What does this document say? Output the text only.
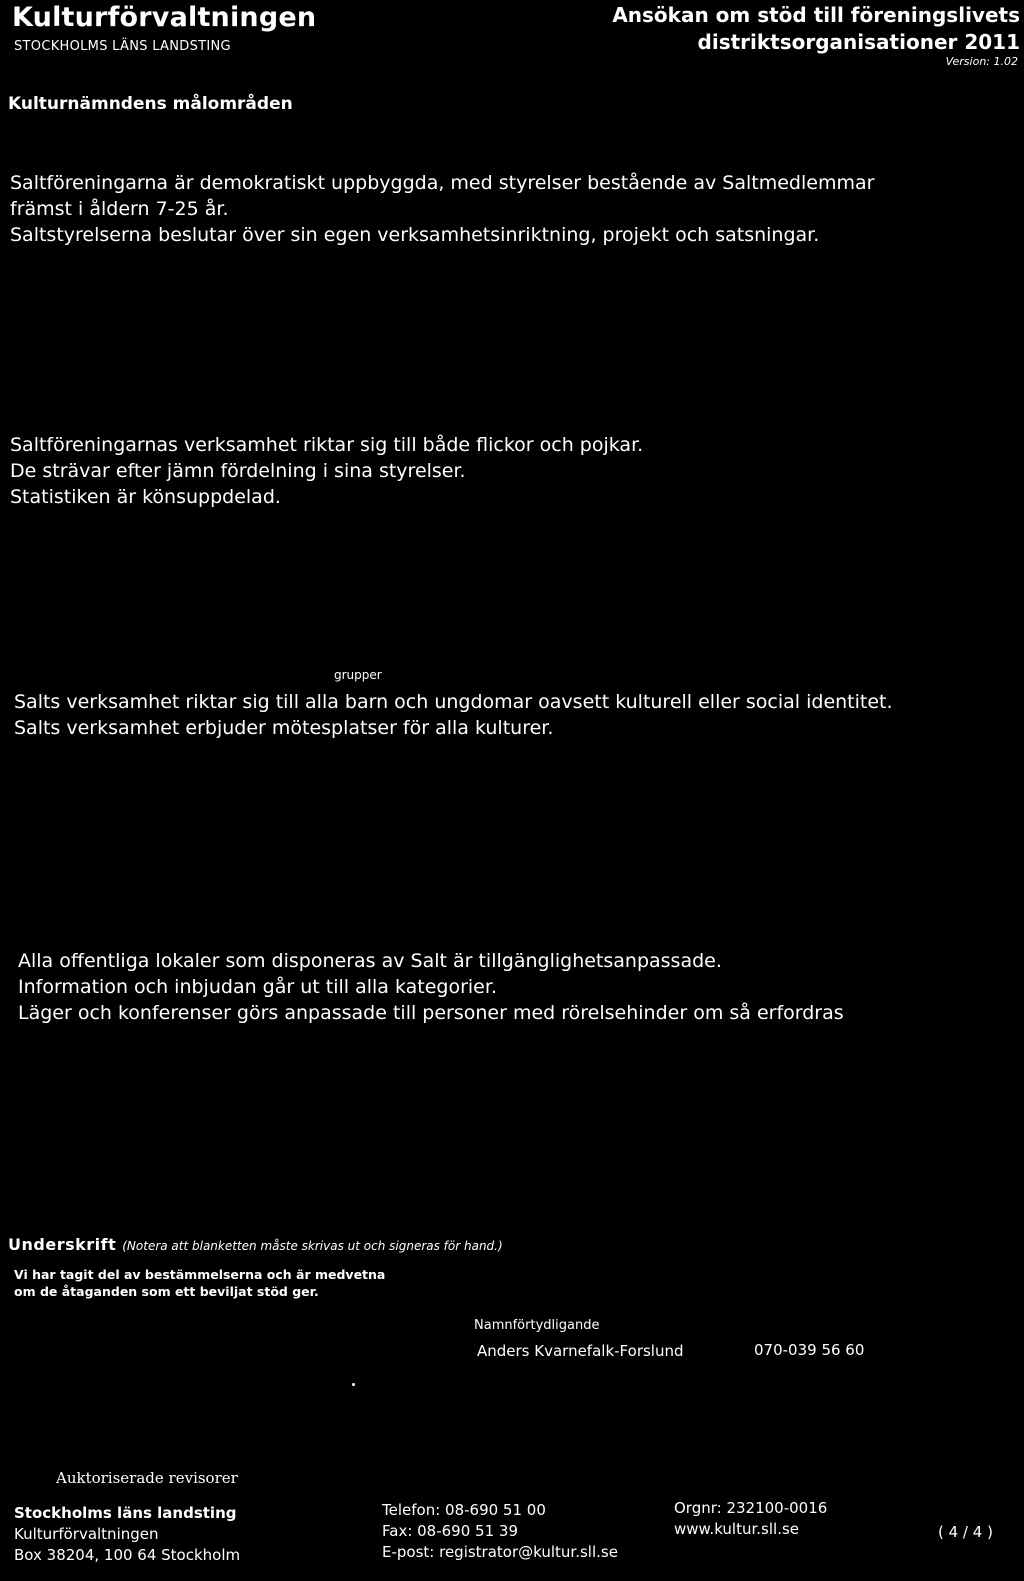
Kulturförvaltningen
STOCKHOLMS LÄNS LANDSTING
Ansökan om stöd till föreningslivets
distriktsorganisationer 2011
Version: 1.02
Kulturnämndens målområden
Saltföreningarna är demokratiskt uppbyggda, med styrelser bestående av Saltmedlemmar
främst i åldern 7-25 år.
Saltstyrelserna beslutar över sin egen verksamhetsinriktning, projekt och satsningar.
Saltföreningarnas verksamhet riktar sig till både flickor och pojkar.
De strävar efter jämn fördelning i sina styrelser.
Statistiken är könsuppdelad.
grupper
Salts verksamhet riktar sig till alla barn och ungdomar oavsett kulturell eller social identitet.
Salts verksamhet erbjuder mötesplatser för alla kulturer.
Alla offentliga lokaler som disponeras av Salt är tillgänglighetsanpassade.
Information och inbjudan går ut till alla kategorier.
Läger och konferenser görs anpassade till personer med rörelsehinder om så erfordras
Underskrift (Notera att blanketten måste skrivas ut och signeras för hand.)
Vi har tagit del av bestämmelserna och är medvetna
om de åtaganden som ett beviljat stöd ger.
Namnförtydligande
Anders Kvarnefalk-Forslund	070-039 56 60
Auktoriserade revisorer
Stockholms läns landsting
Kulturförvaltningen
Box 38204, 100 64 Stockholm
Telefon: 08-690 51 00
Fax: 08-690 51 39
E-post: registrator@kultur.sll.se
Orgnr: 232100-0016
www.kultur.sll.se	( 4 / 4 )
